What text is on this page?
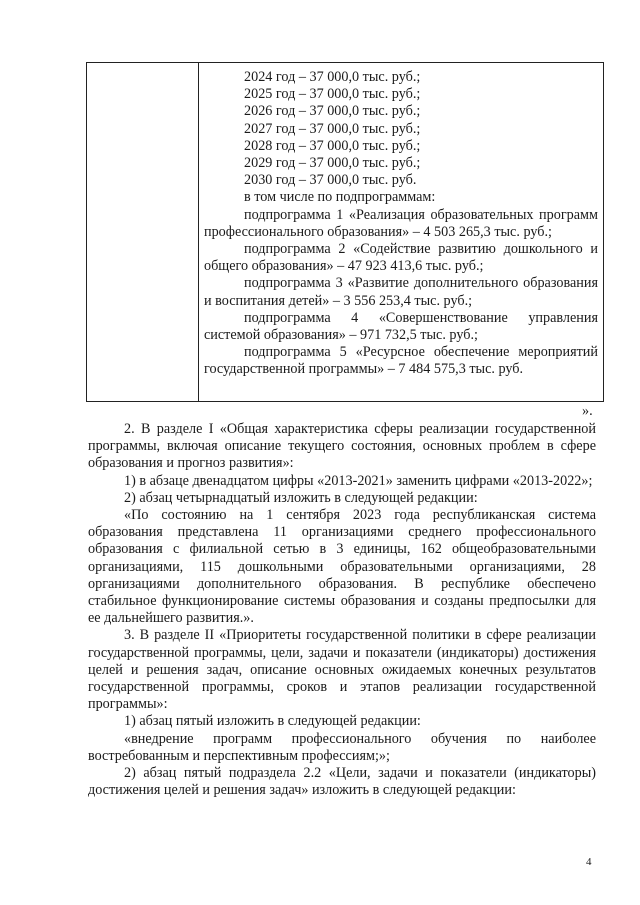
2024 год – 37 000,0 тыс. руб.;
2025 год – 37 000,0 тыс. руб.;
2026 год – 37 000,0 тыс. руб.;
2027 год – 37 000,0 тыс. руб.;
2028 год – 37 000,0 тыс. руб.;
2029 год – 37 000,0 тыс. руб.;
2030 год – 37 000,0 тыс. руб.
в том числе по подпрограммам:
подпрограмма 1 «Реализация образовательных программ профессионального образования» – 4 503 265,3 тыс. руб.;
подпрограмма 2 «Содействие развитию дошкольного и общего образования» – 47 923 413,6 тыс. руб.;
подпрограмма 3 «Развитие дополнительного образования и воспитания детей» – 3 556 253,4 тыс. руб.;
подпрограмма 4 «Совершенствование управления системой образования» – 971 732,5 тыс. руб.;
подпрограмма 5 «Ресурсное обеспечение мероприятий государственной программы» – 7 484 575,3 тыс. руб.
».

2. В разделе I «Общая характеристика сферы реализации государственной программы, включая описание текущего состояния, основных проблем в сфере образования и прогноз развития»:

1) в абзаце двенадцатом цифры «2013-2021» заменить цифрами «2013-2022»;

2) абзац четырнадцатый изложить в следующей редакции:

«По состоянию на 1 сентября 2023 года республиканская система образования представлена 11 организациями среднего профессионального образования с филиальной сетью в 3 единицы, 162 общеобразовательными организациями, 115 дошкольными образовательными организациями, 28 организациями дополнительного образования. В республике обеспечено стабильное функционирование системы образования и созданы предпосылки для ее дальнейшего развития.».

3. В разделе II «Приоритеты государственной политики в сфере реализации государственной программы, цели, задачи и показатели (индикаторы) достижения целей и решения задач, описание основных ожидаемых конечных результатов государственной программы, сроков и этапов реализации государственной программы»:

1) абзац пятый изложить в следующей редакции:

«внедрение программ профессионального обучения по наиболее востребованным и перспективным профессиям;»;

2) абзац пятый подраздела 2.2 «Цели, задачи и показатели (индикаторы) достижения целей и решения задач» изложить в следующей редакции:

4
